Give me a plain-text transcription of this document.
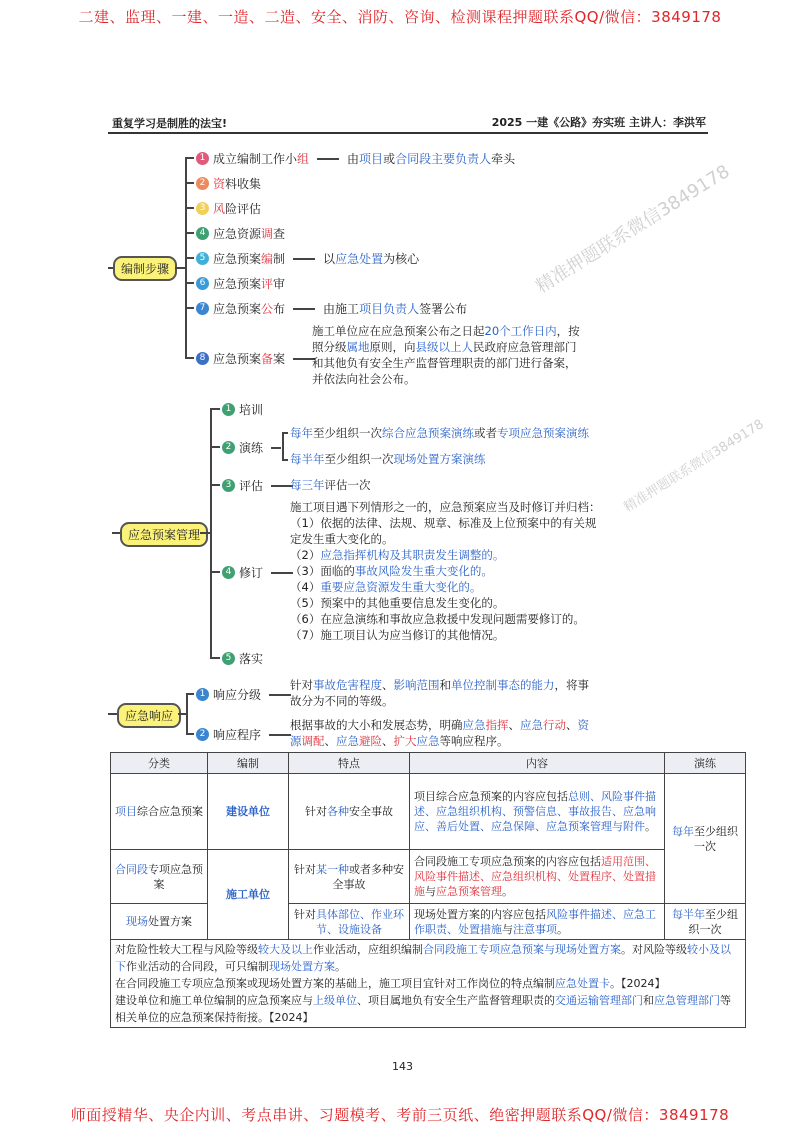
二建、监理、一建、一造、二造、安全、消防、咨询、检测课程押题联系QQ/微信：3849178
重复学习是制胜的法宝!	2025 一建《公路》夯实班 主讲人：李洪军
精准押题联系微信3849178
精准押题联系微信3849178
编制步骤
1 成立编制工作小组	由项目或合同段主要负责人牵头
2 资料收集
3 风险评估
4 应急资源调查
5 应急预案编制	以应急处置为核心
6 应急预案评审
7 应急预案公布	由施工项目负责人签署公布
8 应急预案备案
施工单位应在应急预案公布之日起20个工作日内，按
照分级属地原则，向县级以上人民政府应急管理部门
和其他负有安全生产监督管理职责的部门进行备案，
并依法向社会公布。
应急预案管理
1 培训
2 演练
3 评估
4 修订
5 落实
每年至少组织一次综合应急预案演练或者专项应急预案演练
每半年至少组织一次现场处置方案演练
每三年评估一次
施工项目遇下列情形之一的，应急预案应当及时修订并归档：
（1）依据的法律、法规、规章、标准及上位预案中的有关规
定发生重大变化的。
（2）应急指挥机构及其职责发生调整的。
（3）面临的事故风险发生重大变化的。
（4）重要应急资源发生重大变化的。
（5）预案中的其他重要信息发生变化的。
（6）在应急演练和事故应急救援中发现问题需要修订的。
（7）施工项目认为应当修订的其他情况。
应急响应
1 响应分级
针对事故危害程度、影响范围和单位控制事态的能力，将事
故分为不同的等级。
2 响应程序
根据事故的大小和发展态势，明确应急指挥、应急行动、资
源调配、应急避险、扩大应急等响应程序。
分类	编制	特点	内容	演练
项目综合应急预案	建设单位	针对各种安全事故	项目综合应急预案的内容应包括总则、风险事件描述、应急组织机构、预警信息、事故报告、应急响应、善后处置、应急保障、应急预案管理与附件。	每年至少组织一次
合同段专项应急预案	施工单位	针对某一种或者多种安全事故	合同段施工专项应急预案的内容应包括适用范围、风险事件描述、应急组织机构、处置程序、处置措施与应急预案管理。	
现场处置方案		针对具体部位、作业环节、设施设备	现场处置方案的内容应包括风险事件描述、应急工作职责、处置措施与注意事项。	每半年至少组织一次

对危险性较大工程与风险等级较大及以上作业活动，应组织编制合同段施工专项应急预案与现场处置方案。对风险等级较小及以下作业活动的合同段，可只编制现场处置方案。
在合同段施工专项应急预案或现场处置方案的基础上，施工项目宜针对工作岗位的特点编制应急处置卡。【2024】
建设单位和施工单位编制的应急预案应与上级单位、项目属地负有安全生产监督管理职责的交通运输管理部门和应急管理部门等相关单位的应急预案保持衔接。【2024】				
143
师面授精华、央企内训、考点串讲、习题模考、考前三页纸、绝密押题联系QQ/微信：3849178
